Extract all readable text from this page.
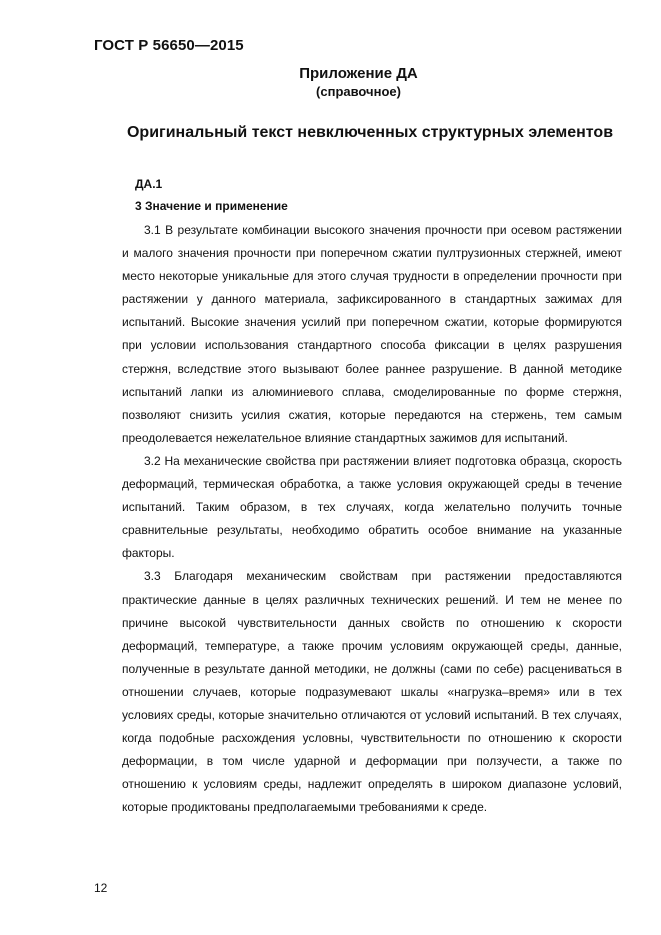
ГОСТ Р 56650—2015
Приложение ДА
(справочное)
Оригинальный текст невключенных структурных элементов
ДА.1
3 Значение и применение

3.1 В результате комбинации высокого значения прочности при осевом растяжении и малого значения прочности при поперечном сжатии пултрузионных стержней, имеют место некоторые уникальные для этого случая трудности в определении прочности при растяжении у данного материала, зафиксированного в стандартных зажимах для испытаний. Высокие значения усилий при поперечном сжатии, которые формируются при условии использования стандартного способа фиксации в целях разрушения стержня, вследствие этого вызывают более раннее разрушение. В данной методике испытаний лапки из алюминиевого сплава, смоделированные по форме стержня, позволяют снизить усилия сжатия, которые передаются на стержень, тем самым преодолевается нежелательное влияние стандартных зажимов для испытаний.

3.2 На механические свойства при растяжении влияет подготовка образца, скорость деформаций, термическая обработка, а также условия окружающей среды в течение испытаний. Таким образом, в тех случаях, когда желательно получить точные сравнительные результаты, необходимо обратить особое внимание на указанные факторы.

3.3 Благодаря механическим свойствам при растяжении предоставляются практические данные в целях различных технических решений. И тем не менее по причине высокой чувствительности данных свойств по отношению к скорости деформаций, температуре, а также прочим условиям окружающей среды, данные, полученные в результате данной методики, не должны (сами по себе) расцениваться в отношении случаев, которые подразумевают шкалы «нагрузка–время» или в тех условиях среды, которые значительно отличаются от условий испытаний. В тех случаях, когда подобные расхождения условны, чувствительности по отношению к скорости деформации, в том числе ударной и деформации при ползучести, а также по отношению к условиям среды, надлежит определять в широком диапазоне условий, которые продиктованы предполагаемыми требованиями к среде.

12
